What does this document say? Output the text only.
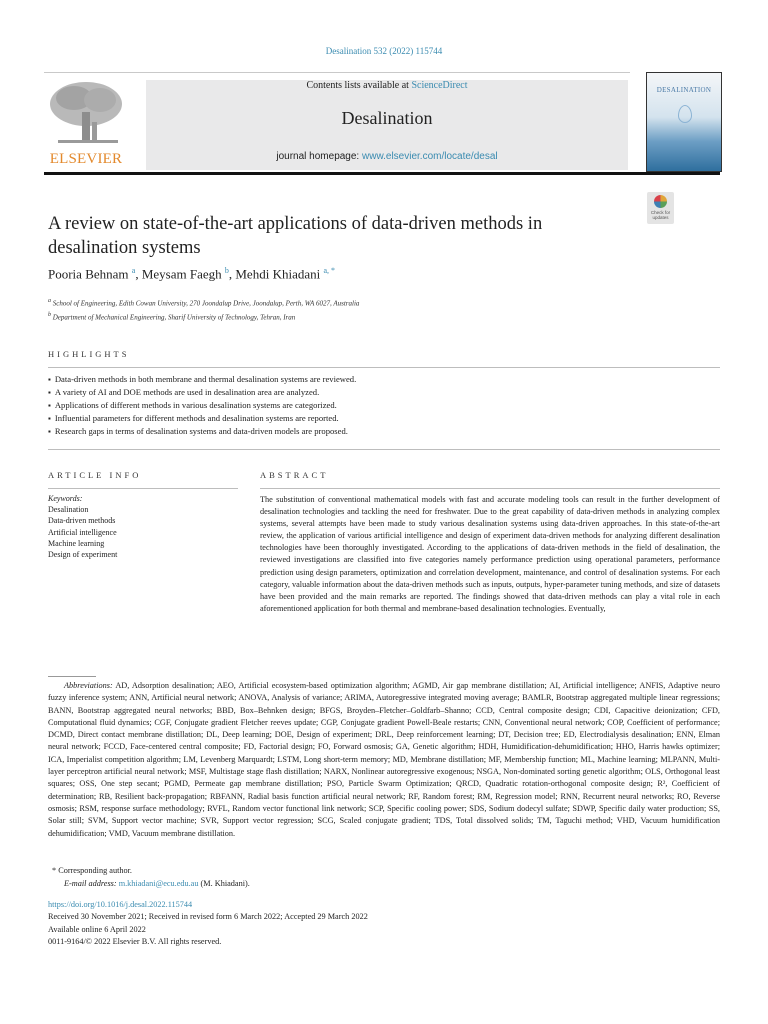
Desalination 532 (2022) 115744
ELSEVIER
Contents lists available at ScienceDirect
Desalination
journal homepage: www.elsevier.com/locate/desal
DESALINATION
Check for updates
A review on state-of-the-art applications of data-driven methods in desalination systems
Pooria Behnam $^a$, Meysam Faegh $^b$, Mehdi Khiadani $^{a, *}$
$^a$ School of Engineering, Edith Cowan University, 270 Joondalup Drive, Joondalup, Perth, WA 6027, Australia
$^b$ Department of Mechanical Engineering, Sharif University of Technology, Tehran, Iran
HIGHLIGHTS
▪ Data-driven methods in both membrane and thermal desalination systems are reviewed.
▪ A variety of AI and DOE methods are used in desalination area are analyzed.
▪ Applications of different methods in various desalination systems are categorized.
▪ Influential parameters for different methods and desalination systems are reported.
▪ Research gaps in terms of desalination systems and data-driven models are proposed.
ARTICLE INFO
Keywords:
Desalination
Data-driven methods
Artificial intelligence
Machine learning
Design of experiment
ABSTRACT
The substitution of conventional mathematical models with fast and accurate modeling tools can result in the further development of desalination technologies and tackling the need for freshwater. Due to the great capability of data-driven methods in analyzing complex systems, several attempts have been made to study various desalination systems using data-driven approaches. In this state-of-the-art review, the application of various artificial intelligence and design of experiment data-driven methods for analyzing different desalination technologies have been thoroughly investigated. According to the applications of data-driven methods in the field of desalination, the reviewed investigations are classified into five categories namely performance prediction using operational parameters, performance prediction using design parameters, optimization and correlation development, maintenance, and control of desalination systems. For each category, valuable information about the data-driven methods such as inputs, outputs, hyper-parameter tuning methods, and size of datasets have been provided and the main remarks are reported. The findings showed that data-driven methods can play a vital role in each aforementioned application for both thermal and membrane-based desalination technologies. Eventually,
Abbreviations: AD, Adsorption desalination; AEO, Artificial ecosystem-based optimization algorithm; AGMD, Air gap membrane distillation; AI, Artificial intelligence; ANFIS, Adaptive neuro fuzzy inference system; ANN, Artificial neural network; ANOVA, Analysis of variance; ARIMA, Autoregressive integrated moving average; BAMLR, Bootstrap aggregated multiple linear regressions; BANN, Bootstrap aggregated neural networks; BBD, Box–Behnken design; BFGS, Broyden–Fletcher–Goldfarb–Shanno; CCD, Central composite design; CDI, Capacitive deionization; CFD, Computational fluid dynamics; CGF, Conjugate gradient Fletcher reeves update; CGP, Conjugate gradient Powell-Beale restarts; CNN, Conventional neural network; COP, Coefficient of performance; DCMD, Direct contact membrane distillation; DL, Deep learning; DOE, Design of experiment; DRL, Deep reinforcement learning; DT, Decision tree; ED, Electrodialysis desalination; ENN, Elman neural network; FCCD, Face-centered central composite; FD, Factorial design; FO, Forward osmosis; GA, Genetic algorithm; HDH, Humidification-dehumidification; HHO, Harris hawks optimizer; ICA, Imperialist competition algorithm; LM, Levenberg Marquardt; LSTM, Long short-term memory; MD, Membrane distillation; MF, Membership function; ML, Machine learning; MLPANN, Multi-layer perceptron artificial neural network; MSF, Multistage stage flash distillation; NARX, Nonlinear autoregressive exogenous; NSGA, Non-dominated sorting genetic algorithm; OLS, Orthogonal least squares; OSS, One step secant; PGMD, Permeate gap membrane distillation; PSO, Particle Swarm Optimization; QRCD, Quadratic rotation-orthogonal composite design; R², Coefficient of determination; RB, Resilient back-propagation; RBFANN, Radial basis function artificial neural network; RF, Random forest; RM, Regression model; RNN, Recurrent neural networks; RO, Reverse osmosis; RSM, response surface methodology; RVFL, Random vector functional link network; SCP, Specific cooling power; SDS, Sodium dodecyl sulfate; SDWP, Specific daily water production; SS, Solar still; SVM, Support vector machine; SVR, Support vector regression; SCG, Scaled conjugate gradient; TDS, Total dissolved solids; TM, Taguchi method; VHD, Vacuum humidification dehumidification; VMD, Vacuum membrane distillation.
* Corresponding author.
E-mail address: m.khiadani@ecu.edu.au (M. Khiadani).
https://doi.org/10.1016/j.desal.2022.115744
Received 30 November 2021; Received in revised form 6 March 2022; Accepted 29 March 2022
Available online 6 April 2022
0011-9164/© 2022 Elsevier B.V. All rights reserved.
